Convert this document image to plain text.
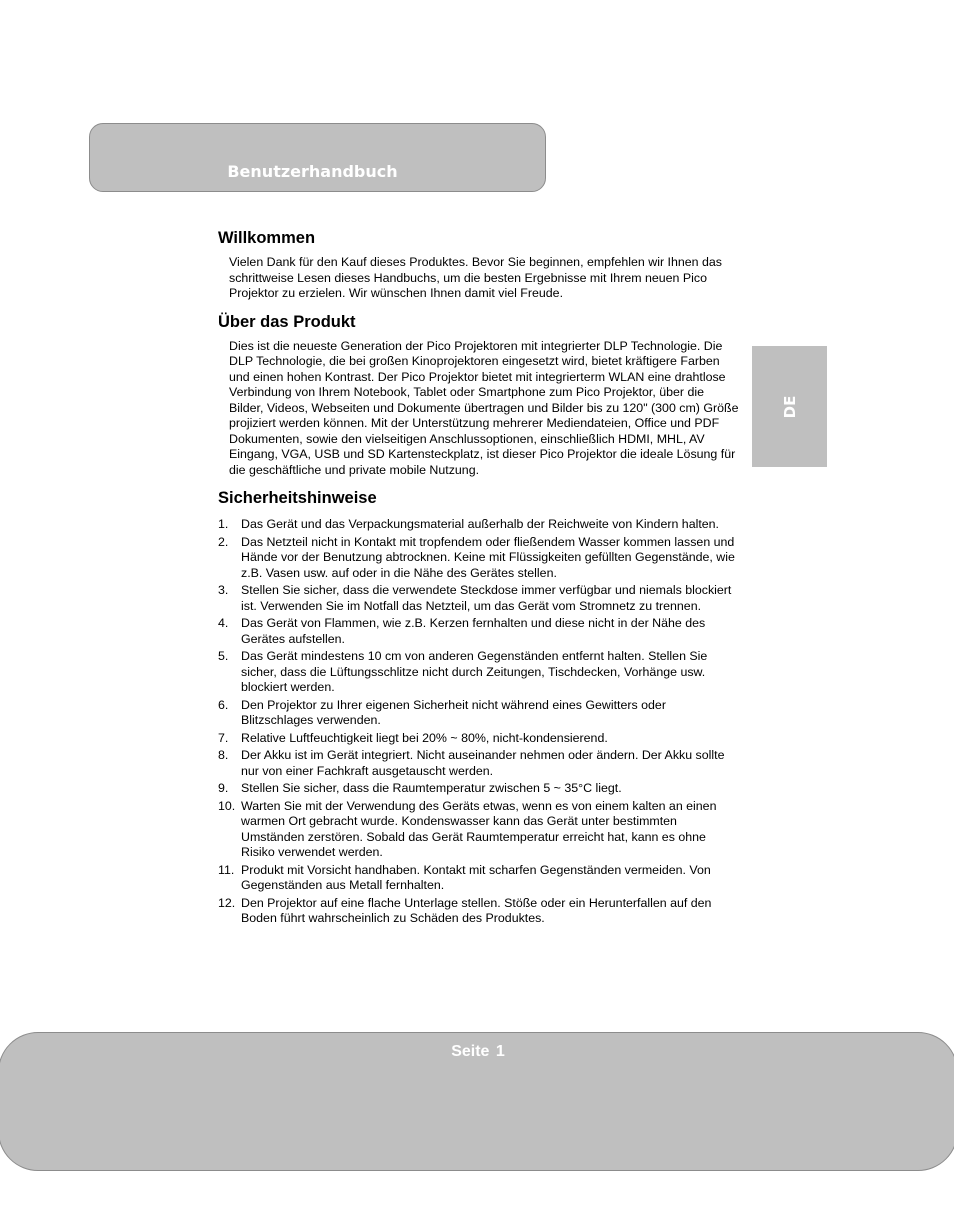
Benutzerhandbuch
DE
Willkommen

Vielen Dank für den Kauf dieses Produktes. Bevor Sie beginnen, empfehlen wir Ihnen das schrittweise Lesen dieses Handbuchs, um die besten Ergebnisse mit Ihrem neuen Pico Projektor zu erzielen. Wir wünschen Ihnen damit viel Freude.

Über das Produkt

Dies ist die neueste Generation der Pico Projektoren mit integrierter DLP Technologie. Die DLP Technologie, die bei großen Kinoprojektoren eingesetzt wird, bietet kräftigere Farben und einen hohen Kontrast. Der Pico Projektor bietet mit integrierterm WLAN eine drahtlose Verbindung von Ihrem Notebook, Tablet oder Smartphone zum Pico Projektor, über die Bilder, Videos, Webseiten und Dokumente übertragen und Bilder bis zu 120" (300 cm) Größe projiziert werden können. Mit der Unterstützung mehrerer Mediendateien, Office und PDF Dokumenten, sowie den vielseitigen Anschlussoptionen, einschließlich HDMI, MHL, AV Eingang, VGA, USB und SD Kartensteckplatz, ist dieser Pico Projektor die ideale Lösung für die geschäftliche und private mobile Nutzung.

Sicherheitshinweise
1. Das Gerät und das Verpackungsmaterial außerhalb der Reichweite von Kindern halten.
2. Das Netzteil nicht in Kontakt mit tropfendem oder fließendem Wasser kommen lassen und Hände vor der Benutzung abtrocknen. Keine mit Flüssigkeiten gefüllten Gegenstände, wie z.B. Vasen usw. auf oder in die Nähe des Gerätes stellen.
3. Stellen Sie sicher, dass die verwendete Steckdose immer verfügbar und niemals blockiert ist. Verwenden Sie im Notfall das Netzteil, um das Gerät vom Stromnetz zu trennen.
4. Das Gerät von Flammen, wie z.B. Kerzen fernhalten und diese nicht in der Nähe des Gerätes aufstellen.
5. Das Gerät mindestens 10 cm von anderen Gegenständen entfernt halten. Stellen Sie sicher, dass die Lüftungsschlitze nicht durch Zeitungen, Tischdecken, Vorhänge usw. blockiert werden.
6. Den Projektor zu Ihrer eigenen Sicherheit nicht während eines Gewitters oder Blitzschlages verwenden.
7. Relative Luftfeuchtigkeit liegt bei 20% ~ 80%, nicht-kondensierend.
8. Der Akku ist im Gerät integriert. Nicht auseinander nehmen oder ändern. Der Akku sollte nur von einer Fachkraft ausgetauscht werden.
9. Stellen Sie sicher, dass die Raumtemperatur zwischen 5 ~ 35°C liegt.
10. Warten Sie mit der Verwendung des Geräts etwas, wenn es von einem kalten an einen warmen Ort gebracht wurde. Kondenswasser kann das Gerät unter bestimmten Umständen zerstören. Sobald das Gerät Raumtemperatur erreicht hat, kann es ohne Risiko verwendet werden.
11. Produkt mit Vorsicht handhaben. Kontakt mit scharfen Gegenständen vermeiden. Von Gegenständen aus Metall fernhalten.
12. Den Projektor auf eine flache Unterlage stellen. Stöße oder ein Herunterfallen auf den Boden führt wahrscheinlich zu Schäden des Produktes.
Seite 1
